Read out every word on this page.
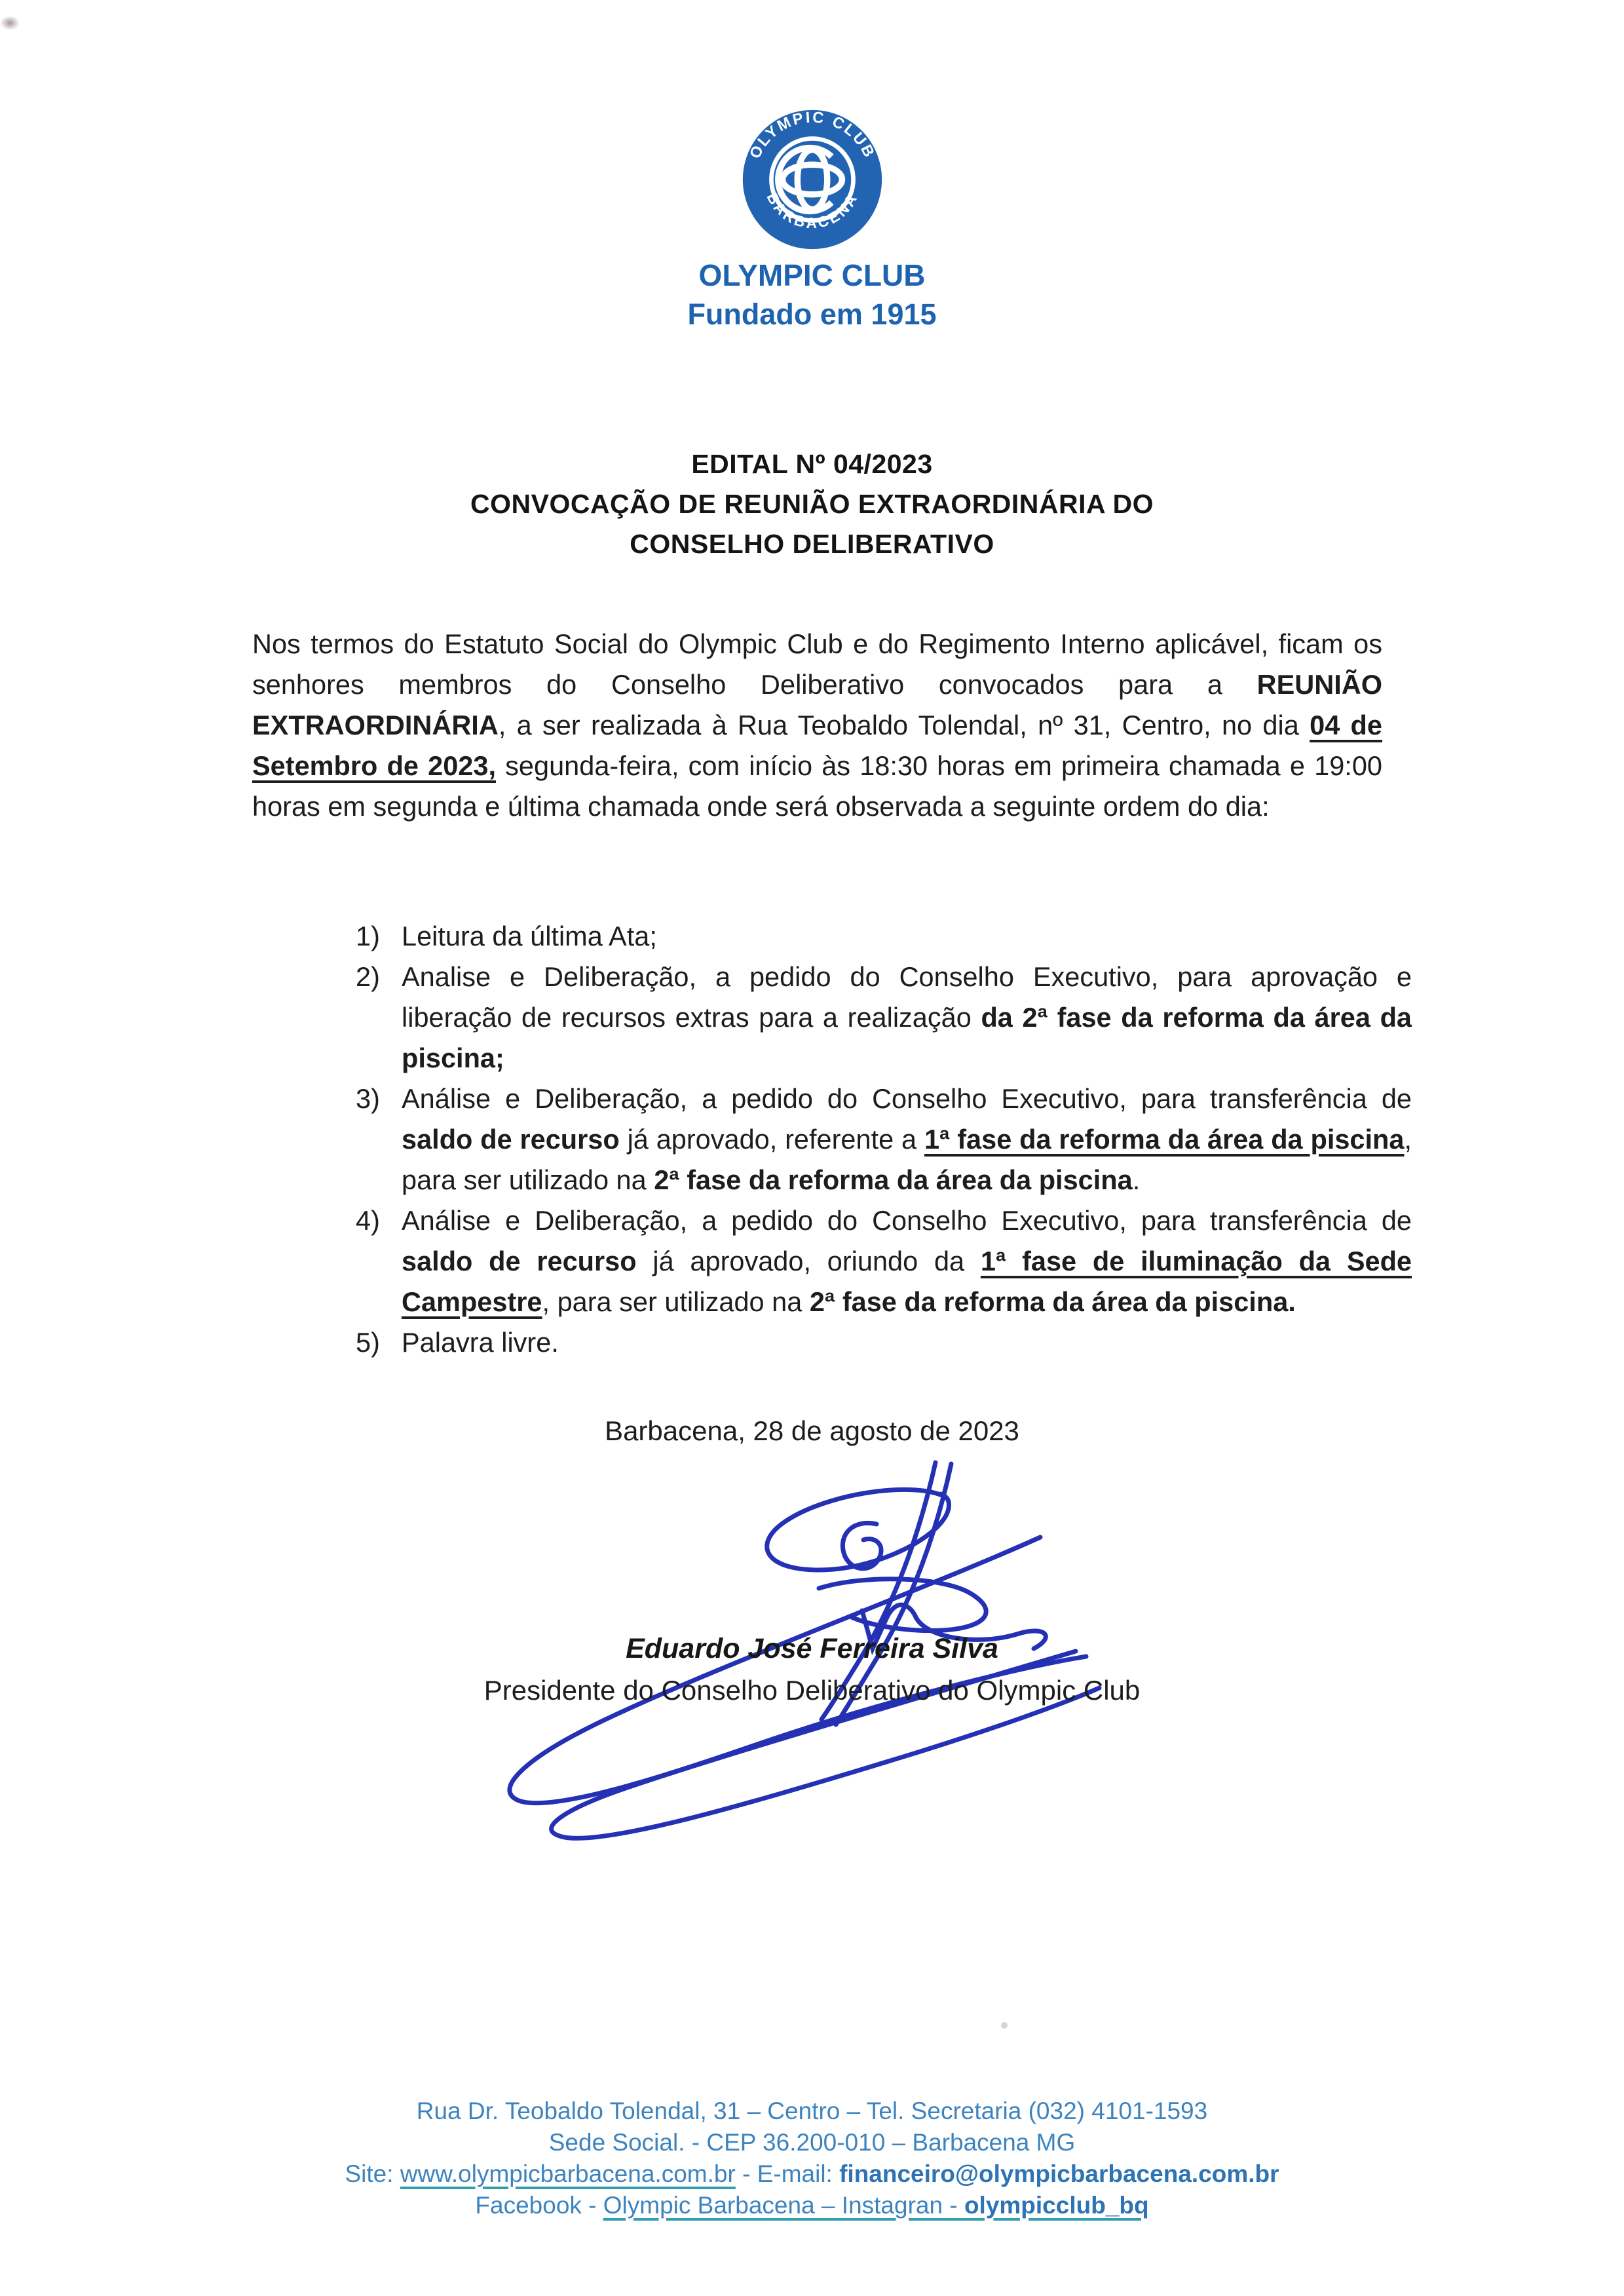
OLYMPIC CLUB
BARBACENA
OLYMPIC CLUB
Fundado em 1915
EDITAL Nº 04/2023
CONVOCAÇÃO DE REUNIÃO EXTRAORDINÁRIA DO
CONSELHO DELIBERATIVO

Nos termos do Estatuto Social do Olympic Club e do Regimento Interno aplicável, ficam os senhores membros do Conselho Deliberativo convocados para a REUNIÃO EXTRAORDINÁRIA, a ser realizada à Rua Teobaldo Tolendal, nº 31, Centro, no dia 04 de Setembro de 2023, segunda-feira, com início às 18:30 horas em primeira chamada e 19:00 horas em segunda e última chamada onde será observada a seguinte ordem do dia:

1) Leitura da última Ata;
2) Analise e Deliberação, a pedido do Conselho Executivo, para aprovação e liberação de recursos extras para a realização da 2ª fase da reforma da área da piscina;
3) Análise e Deliberação, a pedido do Conselho Executivo, para transferência de saldo de recurso já aprovado, referente a 1ª fase da reforma da área da piscina, para ser utilizado na 2ª fase da reforma da área da piscina.
4) Análise e Deliberação, a pedido do Conselho Executivo, para transferência de saldo de recurso já aprovado, oriundo da 1ª fase de iluminação da Sede Campestre, para ser utilizado na 2ª fase da reforma da área da piscina.
5) Palavra livre.
Barbacena, 28 de agosto de 2023
Eduardo José Ferreira Silva
Presidente do Conselho Deliberativo do Olympic Club
Rua Dr. Teobaldo Tolendal, 31 – Centro – Tel. Secretaria (032) 4101-1593
Sede Social. - CEP 36.200-010 – Barbacena MG
Site: www.olympicbarbacena.com.br - E-mail: financeiro@olympicbarbacena.com.br
Facebook - Olympic Barbacena – Instagran - olympicclub_bq
